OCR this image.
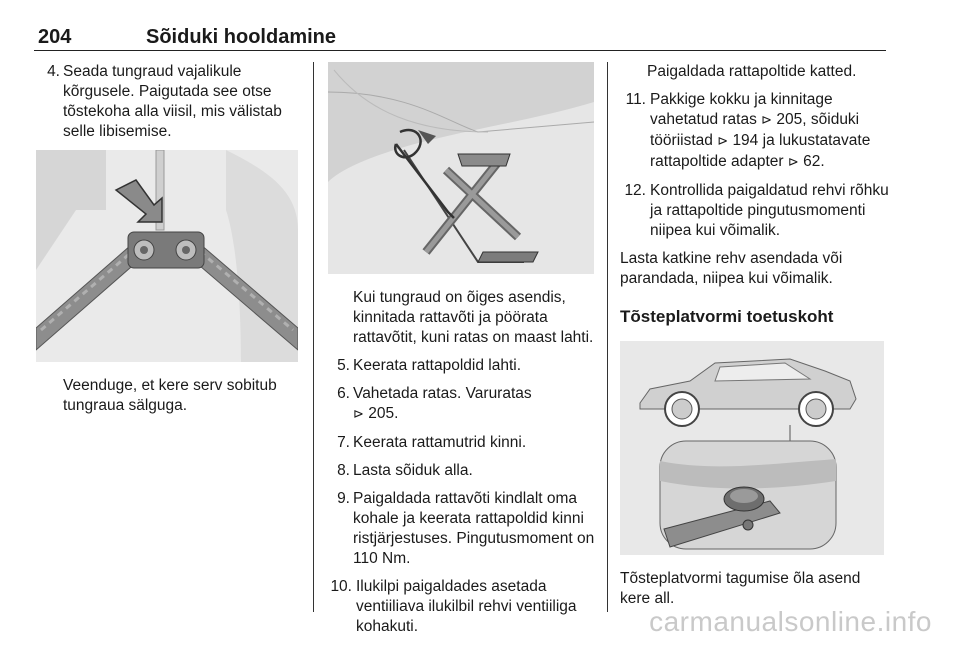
204	Sõiduki hooldamine
4. Seada tungraud vajalikule kõrgusele. Paigutada see otse tõstekoha alla viisil, mis välistab selle libisemise.
Veenduge, et kere serv sobitub tungraua sälguga.
Kui tungraud on õiges asendis, kinnitada rattavõti ja pöörata rattavõtit, kuni ratas on maast lahti.
5. Keerata rattapoldid lahti.
6. Vahetada ratas. Varuratas
⊳ 205.
7. Keerata rattamutrid kinni.
8. Lasta sõiduk alla.
9. Paigaldada rattavõti kindlalt oma kohale ja keerata rattapoldid kinni ristjärjestuses. Pingutusmoment on 110 Nm.
10. Ilukilpi paigaldades asetada ventiiliava ilukilbil rehvi ventiiliga kohakuti.
Paigaldada rattapoltide katted.
11. Pakkige kokku ja kinnitage vahetatud ratas ⊳ 205, sõiduki tööriistad ⊳ 194 ja lukustatavate rattapoltide adapter ⊳ 62.
12. Kontrollida paigaldatud rehvi rõhku ja rattapoltide pingutusmomenti niipea kui võimalik.
Lasta katkine rehv asendada või parandada, niipea kui võimalik.
Tõsteplatvormi toetuskoht
Tõsteplatvormi tagumise õla asend kere all.
carmanualsonline.info
